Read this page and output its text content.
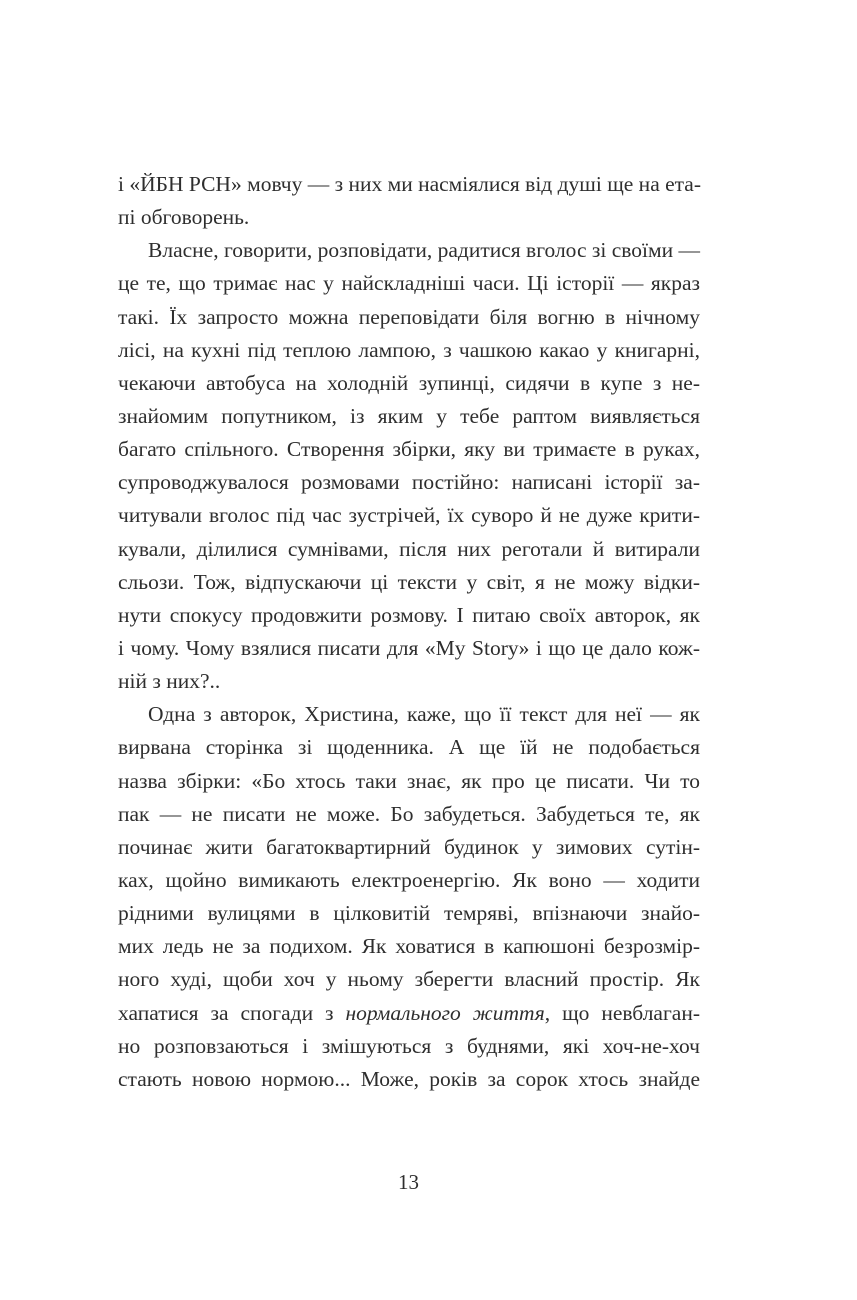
і «ЙБН РСН» мовчу — з них ми насміялися від душі ще на ета-
пі обговорень.
Власне, говорити, розповідати, радитися вголос зі своїми —
це те, що тримає нас у найскладніші часи. Ці історії — якраз
такі. Їх запросто можна переповідати біля вогню в нічному
лісі, на кухні під теплою лампою, з чашкою какао у книгарні,
чекаючи автобуса на холодній зупинці, сидячи в купе з не-
знайомим попутником, із яким у тебе раптом виявляється
багато спільного. Створення збірки, яку ви тримаєте в руках,
супроводжувалося розмовами постійно: написані історії за-
читували вголос під час зустрічей, їх суворо й не дуже крити-
кували, ділилися сумнівами, після них реготали й витирали
сльози. Тож, відпускаючи ці тексти у світ, я не можу відки-
нути спокусу продовжити розмову. І питаю своїх авторок, як
і чому. Чому взялися писати для «My Story» і що це дало кож-
ній з них?..
Одна з авторок, Христина, каже, що її текст для неї — як
вирвана сторінка зі щоденника. А ще їй не подобається
назва збірки: «Бо хтось таки знає, як про це писати. Чи то
пак — не писати не може. Бо забудеться. Забудеться те, як
починає жити багатоквартирний будинок у зимових сутін-
ках, щойно вимикають електроенергію. Як воно — ходити
рідними вулицями в цілковитій темряві, впізнаючи знайо-
мих ледь не за подихом. Як ховатися в капюшоні безрозмір-
ного худі, щоби хоч у ньому зберегти власний простір. Як
хапатися за спогади з нормального життя, що невблаган-
но розповзаються і змішуються з буднями, які хоч-не-хоч
стають новою нормою... Може, років за сорок хтось знайде
13
